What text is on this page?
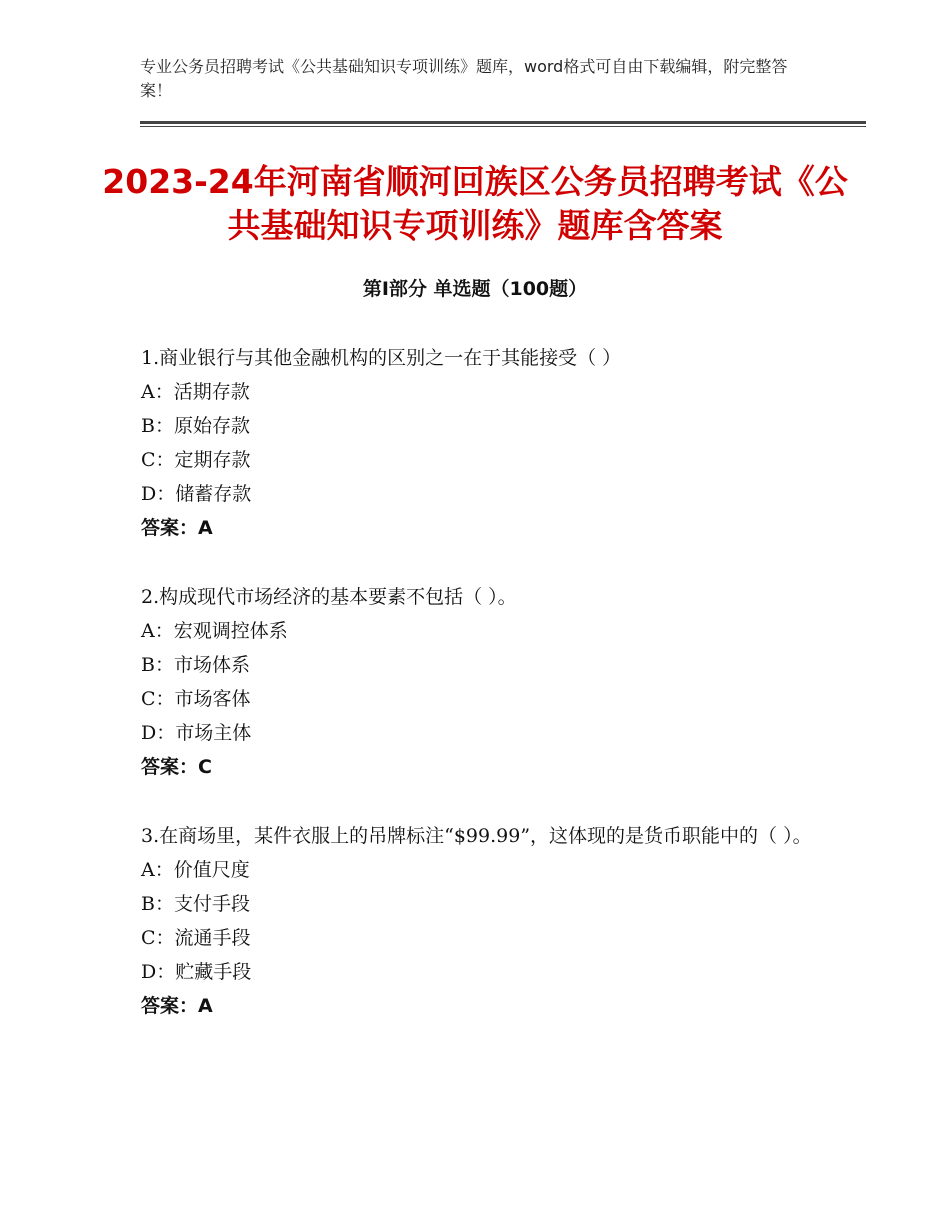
专业公务员招聘考试《公共基础知识专项训练》题库，word格式可自由下载编辑，附完整答案！
2023-24年河南省顺河回族区公务员招聘考试《公共基础知识专项训练》题库含答案
第Ⅰ部分 单选题（100题）
1.商业银行与其他金融机构的区别之一在于其能接受（ ）
A：活期存款
B：原始存款
C：定期存款
D：储蓄存款
答案：A
2.构成现代市场经济的基本要素不包括（ ）。
A：宏观调控体系
B：市场体系
C：市场客体
D：市场主体
答案：C
3.在商场里，某件衣服上的吊牌标注“$99.99”，这体现的是货币职能中的（ ）。
A：价值尺度
B：支付手段
C：流通手段
D：贮藏手段
答案：A
